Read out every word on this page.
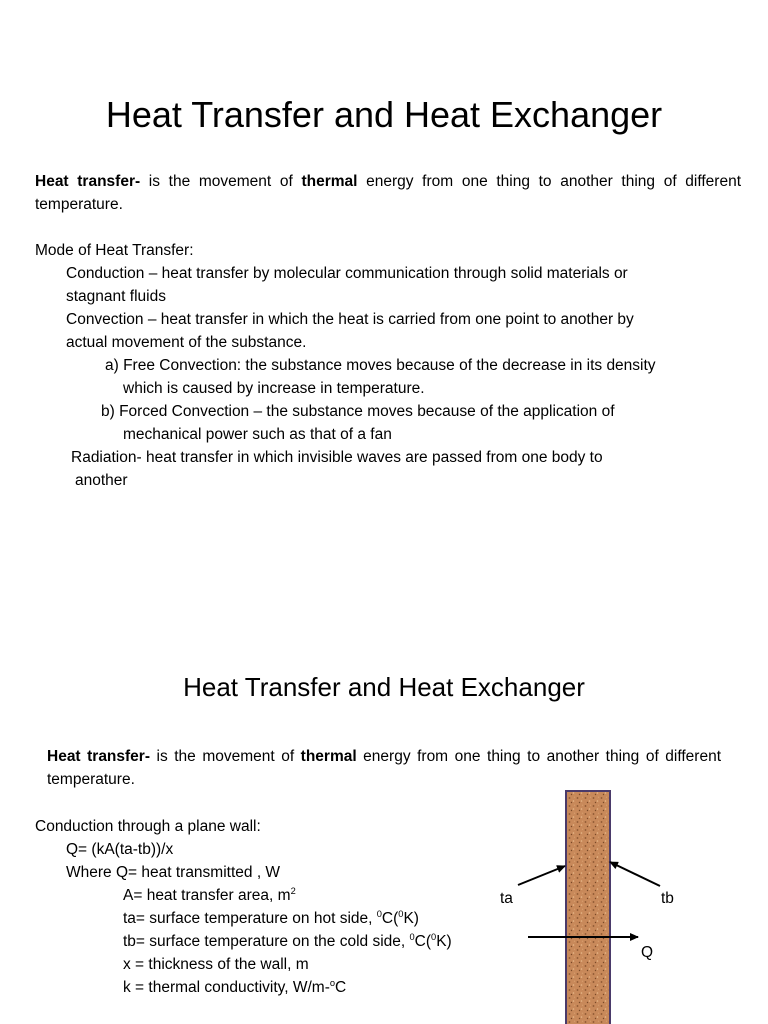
Heat Transfer and Heat Exchanger
Heat transfer- is the movement of thermal energy from one thing to another thing of different temperature.
Mode of Heat Transfer:
Conduction – heat transfer by molecular communication through solid materials or
stagnant fluids
Convection – heat transfer in which the heat is carried from one point to another by
actual movement of the substance.
a) Free Convection: the substance moves because of the decrease in its density
which is caused by increase in temperature.
b) Forced Convection – the substance moves because of the application of
mechanical power such as that of a fan
Radiation- heat transfer in which invisible waves are passed from one body to
another
Heat Transfer and Heat Exchanger
Heat transfer- is the movement of thermal energy from one thing to another thing of different temperature.
Conduction through a plane wall:
Q= (kA(ta-tb))/x
Where Q= heat transmitted , W
A= heat transfer area, $m^2$
ta= surface temperature on hot side, $^0$C($^0$K)
tb= surface temperature on the cold side, $^0$C($^0$K)
x = thickness of the wall, m
k = thermal conductivity, W/m-$^o$C
ta	tb
Q
